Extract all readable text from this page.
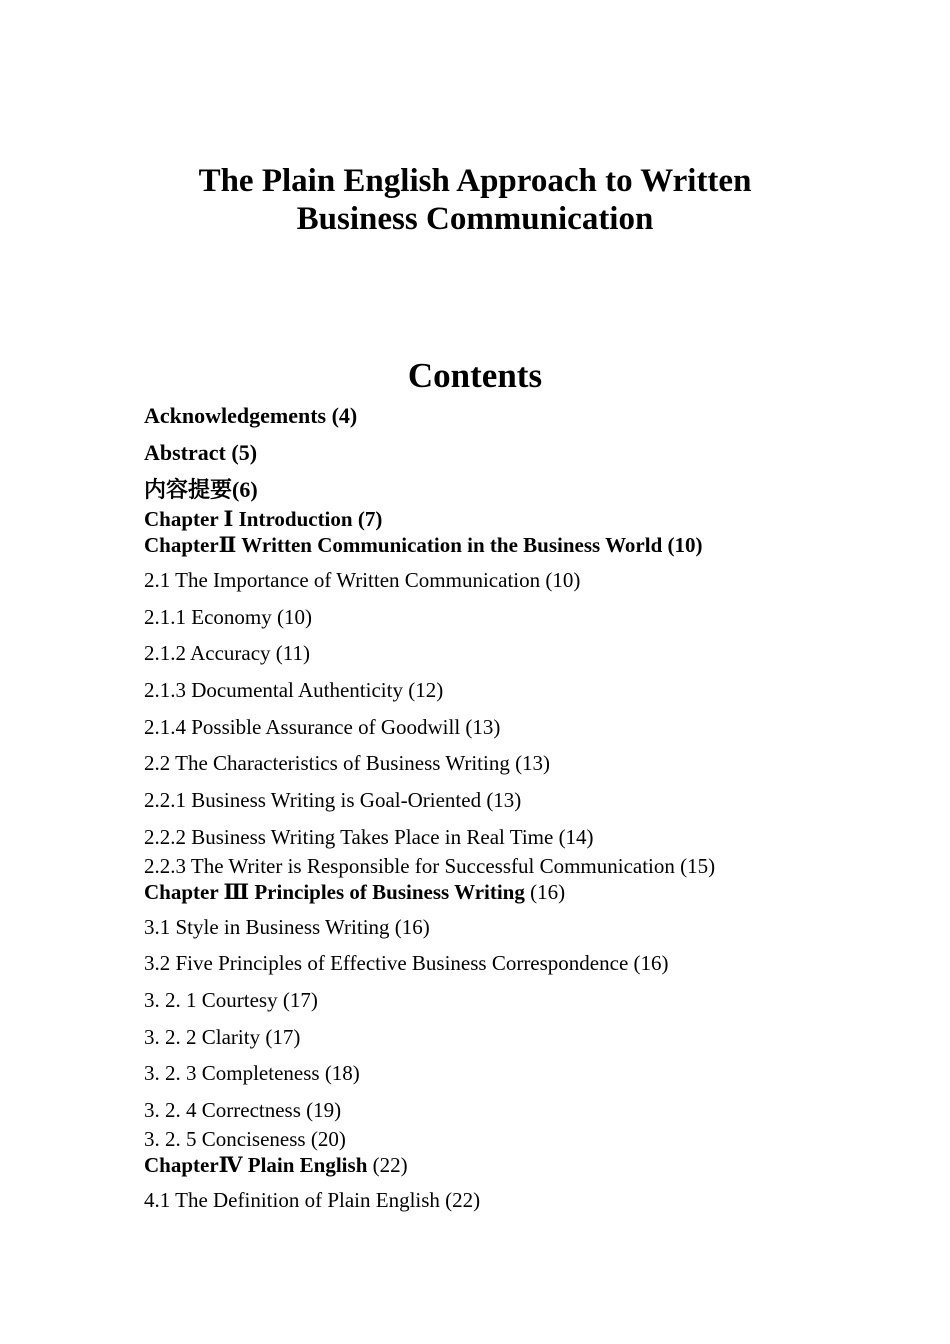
The Plain English Approach to Written
Business Communication
Contents
Acknowledgements (4)
Abstract (5)
内容提要(6)
Chapter Ⅰ Introduction (7)
ChapterⅡ Written Communication in the Business World (10)
2.1 The Importance of Written Communication (10)
2.1.1 Economy (10)
2.1.2 Accuracy (11)
2.1.3 Documental Authenticity (12)
2.1.4 Possible Assurance of Goodwill (13)
2.2 The Characteristics of Business Writing (13)
2.2.1 Business Writing is Goal-Oriented (13)
2.2.2 Business Writing Takes Place in Real Time (14)
2.2.3 The Writer is Responsible for Successful Communication (15)
Chapter Ⅲ Principles of Business Writing (16)
3.1 Style in Business Writing (16)
3.2 Five Principles of Effective Business Correspondence (16)
3. 2. 1 Courtesy (17)
3. 2. 2 Clarity (17)
3. 2. 3 Completeness (18)
3. 2. 4 Correctness (19)
3. 2. 5 Conciseness (20)
ChapterⅣ Plain English (22)
4.1 The Definition of Plain English (22)
